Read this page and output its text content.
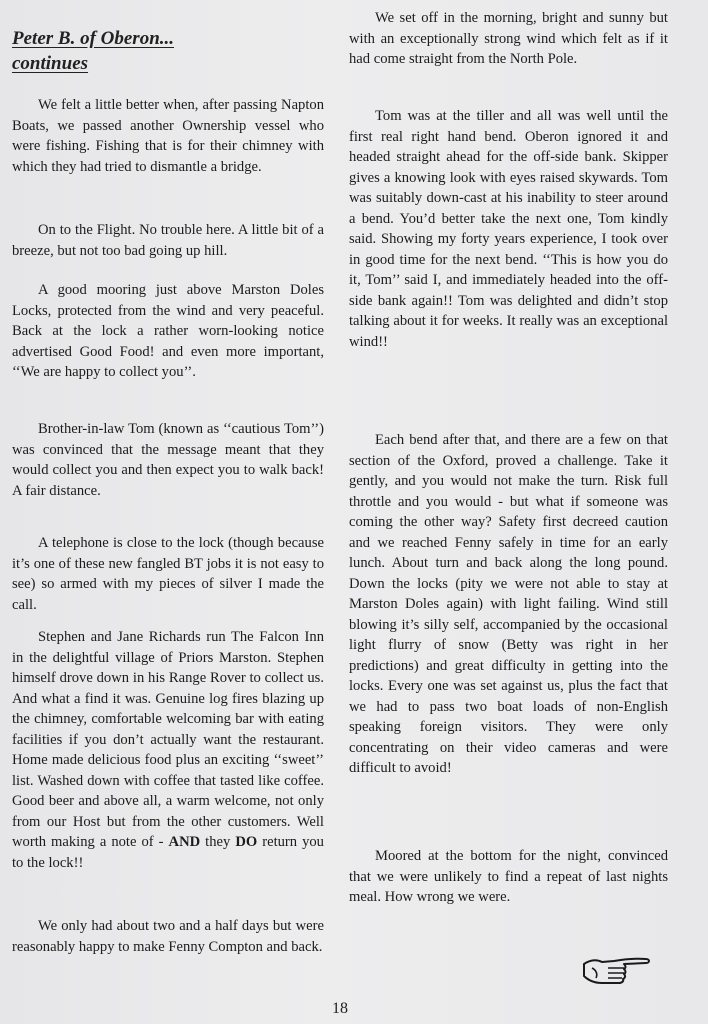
Peter B. of Oberon...
continues

We felt a little better when, after passing Napton Boats, we passed another Ownership vessel who were fishing. Fishing that is for their chimney with which they had tried to dismantle a bridge.

On to the Flight. No trouble here. A little bit of a breeze, but not too bad going up hill.

A good mooring just above Marston Doles Locks, protected from the wind and very peaceful. Back at the lock a rather worn-looking notice advertised Good Food! and even more important, ‘‘We are happy to collect you’’.

Brother-in-law Tom (known as ‘‘cautious Tom’’) was convinced that the message meant that they would collect you and then expect you to walk back! A fair distance.

A telephone is close to the lock (though because it’s one of these new fangled BT jobs it is not easy to see) so armed with my pieces of silver I made the call.

Stephen and Jane Richards run The Falcon Inn in the delightful village of Priors Marston. Stephen himself drove down in his Range Rover to collect us. And what a find it was. Genuine log fires blazing up the chimney, comfortable welcoming bar with eating facilities if you don’t actually want the restaurant. Home made delicious food plus an exciting ‘‘sweet’’ list. Washed down with coffee that tasted like coffee. Good beer and above all, a warm welcome, not only from our Host but from the other customers. Well worth making a note of - AND they DO return you to the lock!!

We only had about two and a half days but were reasonably happy to make Fenny Compton and back.

We set off in the morning, bright and sunny but with an exceptionally strong wind which felt as if it had come straight from the North Pole.

Tom was at the tiller and all was well until the first real right hand bend. Oberon ignored it and headed straight ahead for the off-side bank. Skipper gives a knowing look with eyes raised skywards. Tom was suitably down-cast at his inability to steer around a bend. You’d better take the next one, Tom kindly said. Showing my forty years experience, I took over in good time for the next bend. ‘‘This is how you do it, Tom’’ said I, and immediately headed into the off-side bank again!! Tom was delighted and didn’t stop talking about it for weeks. It really was an exceptional wind!!

Each bend after that, and there are a few on that section of the Oxford, proved a challenge. Take it gently, and you would not make the turn. Risk full throttle and you would - but what if someone was coming the other way? Safety first decreed caution and we reached Fenny safely in time for an early lunch. About turn and back along the long pound. Down the locks (pity we were not able to stay at Marston Doles again) with light failing. Wind still blowing it’s silly self, accompanied by the occasional light flurry of snow (Betty was right in her predictions) and great difficulty in getting into the locks. Every one was set against us, plus the fact that we had to pass two boat loads of non-English speaking foreign visitors. They were only concentrating on their video cameras and were difficult to avoid!

Moored at the bottom for the night, convinced that we were unlikely to find a repeat of last nights meal. How wrong we were.

18
